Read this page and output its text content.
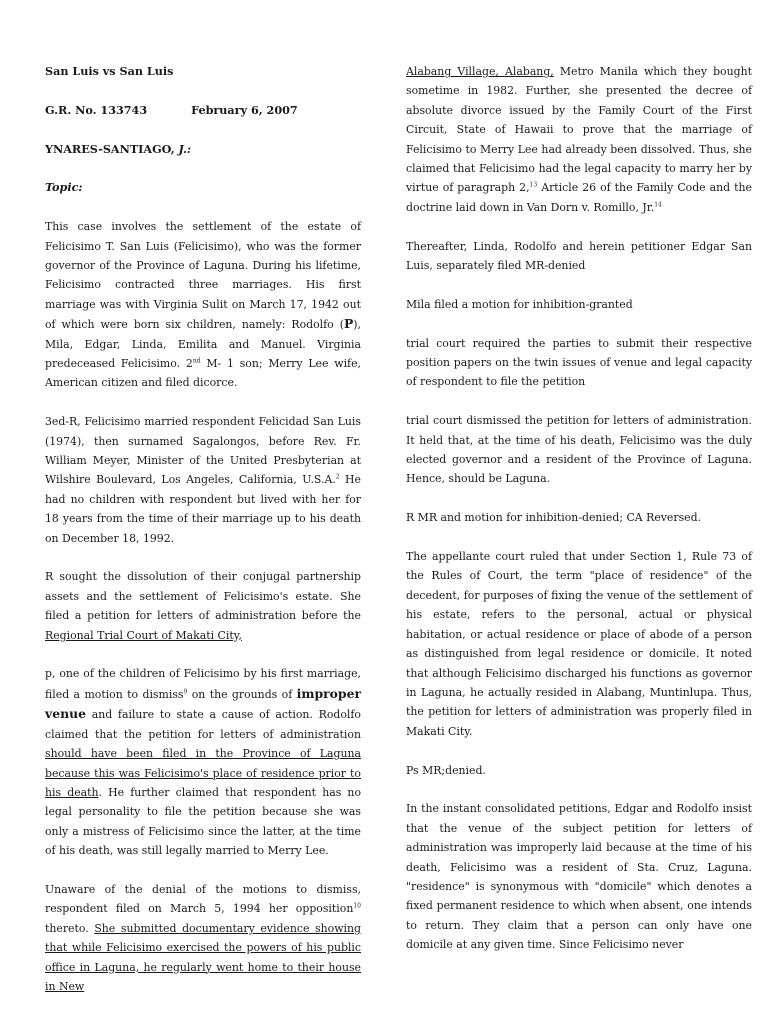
San Luis vs San Luis
G.R. No. 133743	February 6, 2007
YNARES-SANTIAGO, J.:
Topic:

This case involves the settlement of the estate of Felicisimo T. San Luis (Felicisimo), who was the former governor of the Province of Laguna. During his lifetime, Felicisimo contracted three marriages. His first marriage was with Virginia Sulit on March 17, 1942 out of which were born six children, namely: Rodolfo (P), Mila, Edgar, Linda, Emilita and Manuel. Virginia predeceased Felicisimo. 2nd M- 1 son; Merry Lee wife, American citizen and filed dicorce.

3ed-R, Felicisimo married respondent Felicidad San Luis (1974), then surnamed Sagalongos, before Rev. Fr. William Meyer, Minister of the United Presbyterian at Wilshire Boulevard, Los Angeles, California, U.S.A.$^2$ He had no children with respondent but lived with her for 18 years from the time of their marriage up to his death on December 18, 1992.

R sought the dissolution of their conjugal partnership assets and the settlement of Felicisimo's estate. She filed a petition for letters of administration before the Regional Trial Court of Makati City,

p, one of the children of Felicisimo by his first marriage, filed a motion to dismiss$^9$ on the grounds of improper venue and failure to state a cause of action. Rodolfo claimed that the petition for letters of administration should have been filed in the Province of Laguna because this was Felicisimo's place of residence prior to his death. He further claimed that respondent has no legal personality to file the petition because she was only a mistress of Felicisimo since the latter, at the time of his death, was still legally married to Merry Lee.

Unaware of the denial of the motions to dismiss, respondent filed on March 5, 1994 her opposition$^{10}$ thereto. She submitted documentary evidence showing that while Felicisimo exercised the powers of his public office in Laguna, he regularly went home to their house in New

Alabang Village, Alabang, Metro Manila which they bought sometime in 1982. Further, she presented the decree of absolute divorce issued by the Family Court of the First Circuit, State of Hawaii to prove that the marriage of Felicisimo to Merry Lee had already been dissolved. Thus, she claimed that Felicisimo had the legal capacity to marry her by virtue of paragraph 2,13 Article 26 of the Family Code and the doctrine laid down in Van Dorn v. Romillo, Jr.$^{14}$

Thereafter, Linda, Rodolfo and herein petitioner Edgar San Luis, separately filed MR-denied

Mila filed a motion for inhibition-granted

trial court required the parties to submit their respective position papers on the twin issues of venue and legal capacity of respondent to file the petition

trial court dismissed the petition for letters of administration. It held that, at the time of his death, Felicisimo was the duly elected governor and a resident of the Province of Laguna. Hence, should be Laguna.

R MR and motion for inhibition-denied; CA Reversed.

The appellante court ruled that under Section 1, Rule 73 of the Rules of Court, the term "place of residence" of the decedent, for purposes of fixing the venue of the settlement of his estate, refers to the personal, actual or physical habitation, or actual residence or place of abode of a person as distinguished from legal residence or domicile. It noted that although Felicisimo discharged his functions as governor in Laguna, he actually resided in Alabang, Muntinlupa. Thus, the petition for letters of administration was properly filed in Makati City.

Ps MR;denied.

In the instant consolidated petitions, Edgar and Rodolfo insist that the venue of the subject petition for letters of administration was improperly laid because at the time of his death, Felicisimo was a resident of Sta. Cruz, Laguna. "residence" is synonymous with "domicile" which denotes a fixed permanent residence to which when absent, one intends to return. They claim that a person can only have one domicile at any given time. Since Felicisimo never
